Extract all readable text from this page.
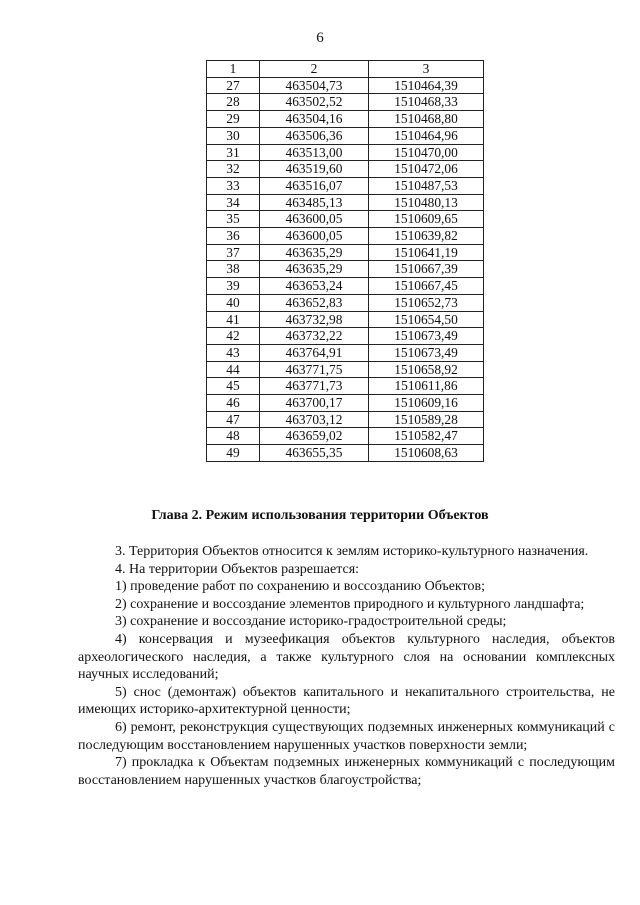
6
1	2	3
27	463504,73	1510464,39
28	463502,52	1510468,33
29	463504,16	1510468,80
30	463506,36	1510464,96
31	463513,00	1510470,00
32	463519,60	1510472,06
33	463516,07	1510487,53
34	463485,13	1510480,13
35	463600,05	1510609,65
36	463600,05	1510639,82
37	463635,29	1510641,19
38	463635,29	1510667,39
39	463653,24	1510667,45
40	463652,83	1510652,73
41	463732,98	1510654,50
42	463732,22	1510673,49
43	463764,91	1510673,49
44	463771,75	1510658,92
45	463771,73	1510611,86
46	463700,17	1510609,16
47	463703,12	1510589,28
48	463659,02	1510582,47
49	463655,35	1510608,63
Глава 2. Режим использования территории Объектов

3. Территория Объектов относится к землям историко-культурного назначения.

4. На территории Объектов разрешается:

1) проведение работ по сохранению и воссозданию Объектов;

2) сохранение и воссоздание элементов природного и культурного ландшафта;

3) сохранение и воссоздание историко-градостроительной среды;

4) консервация и музеефикация объектов культурного наследия, объектов археологического наследия, а также культурного слоя на основании комплексных научных исследований;

5) снос (демонтаж) объектов капитального и некапитального строительства, не имеющих историко-архитектурной ценности;

6) ремонт, реконструкция существующих подземных инженерных коммуникаций с последующим восстановлением нарушенных участков поверхности земли;

7) прокладка к Объектам подземных инженерных коммуникаций с последующим восстановлением нарушенных участков благоустройства;
